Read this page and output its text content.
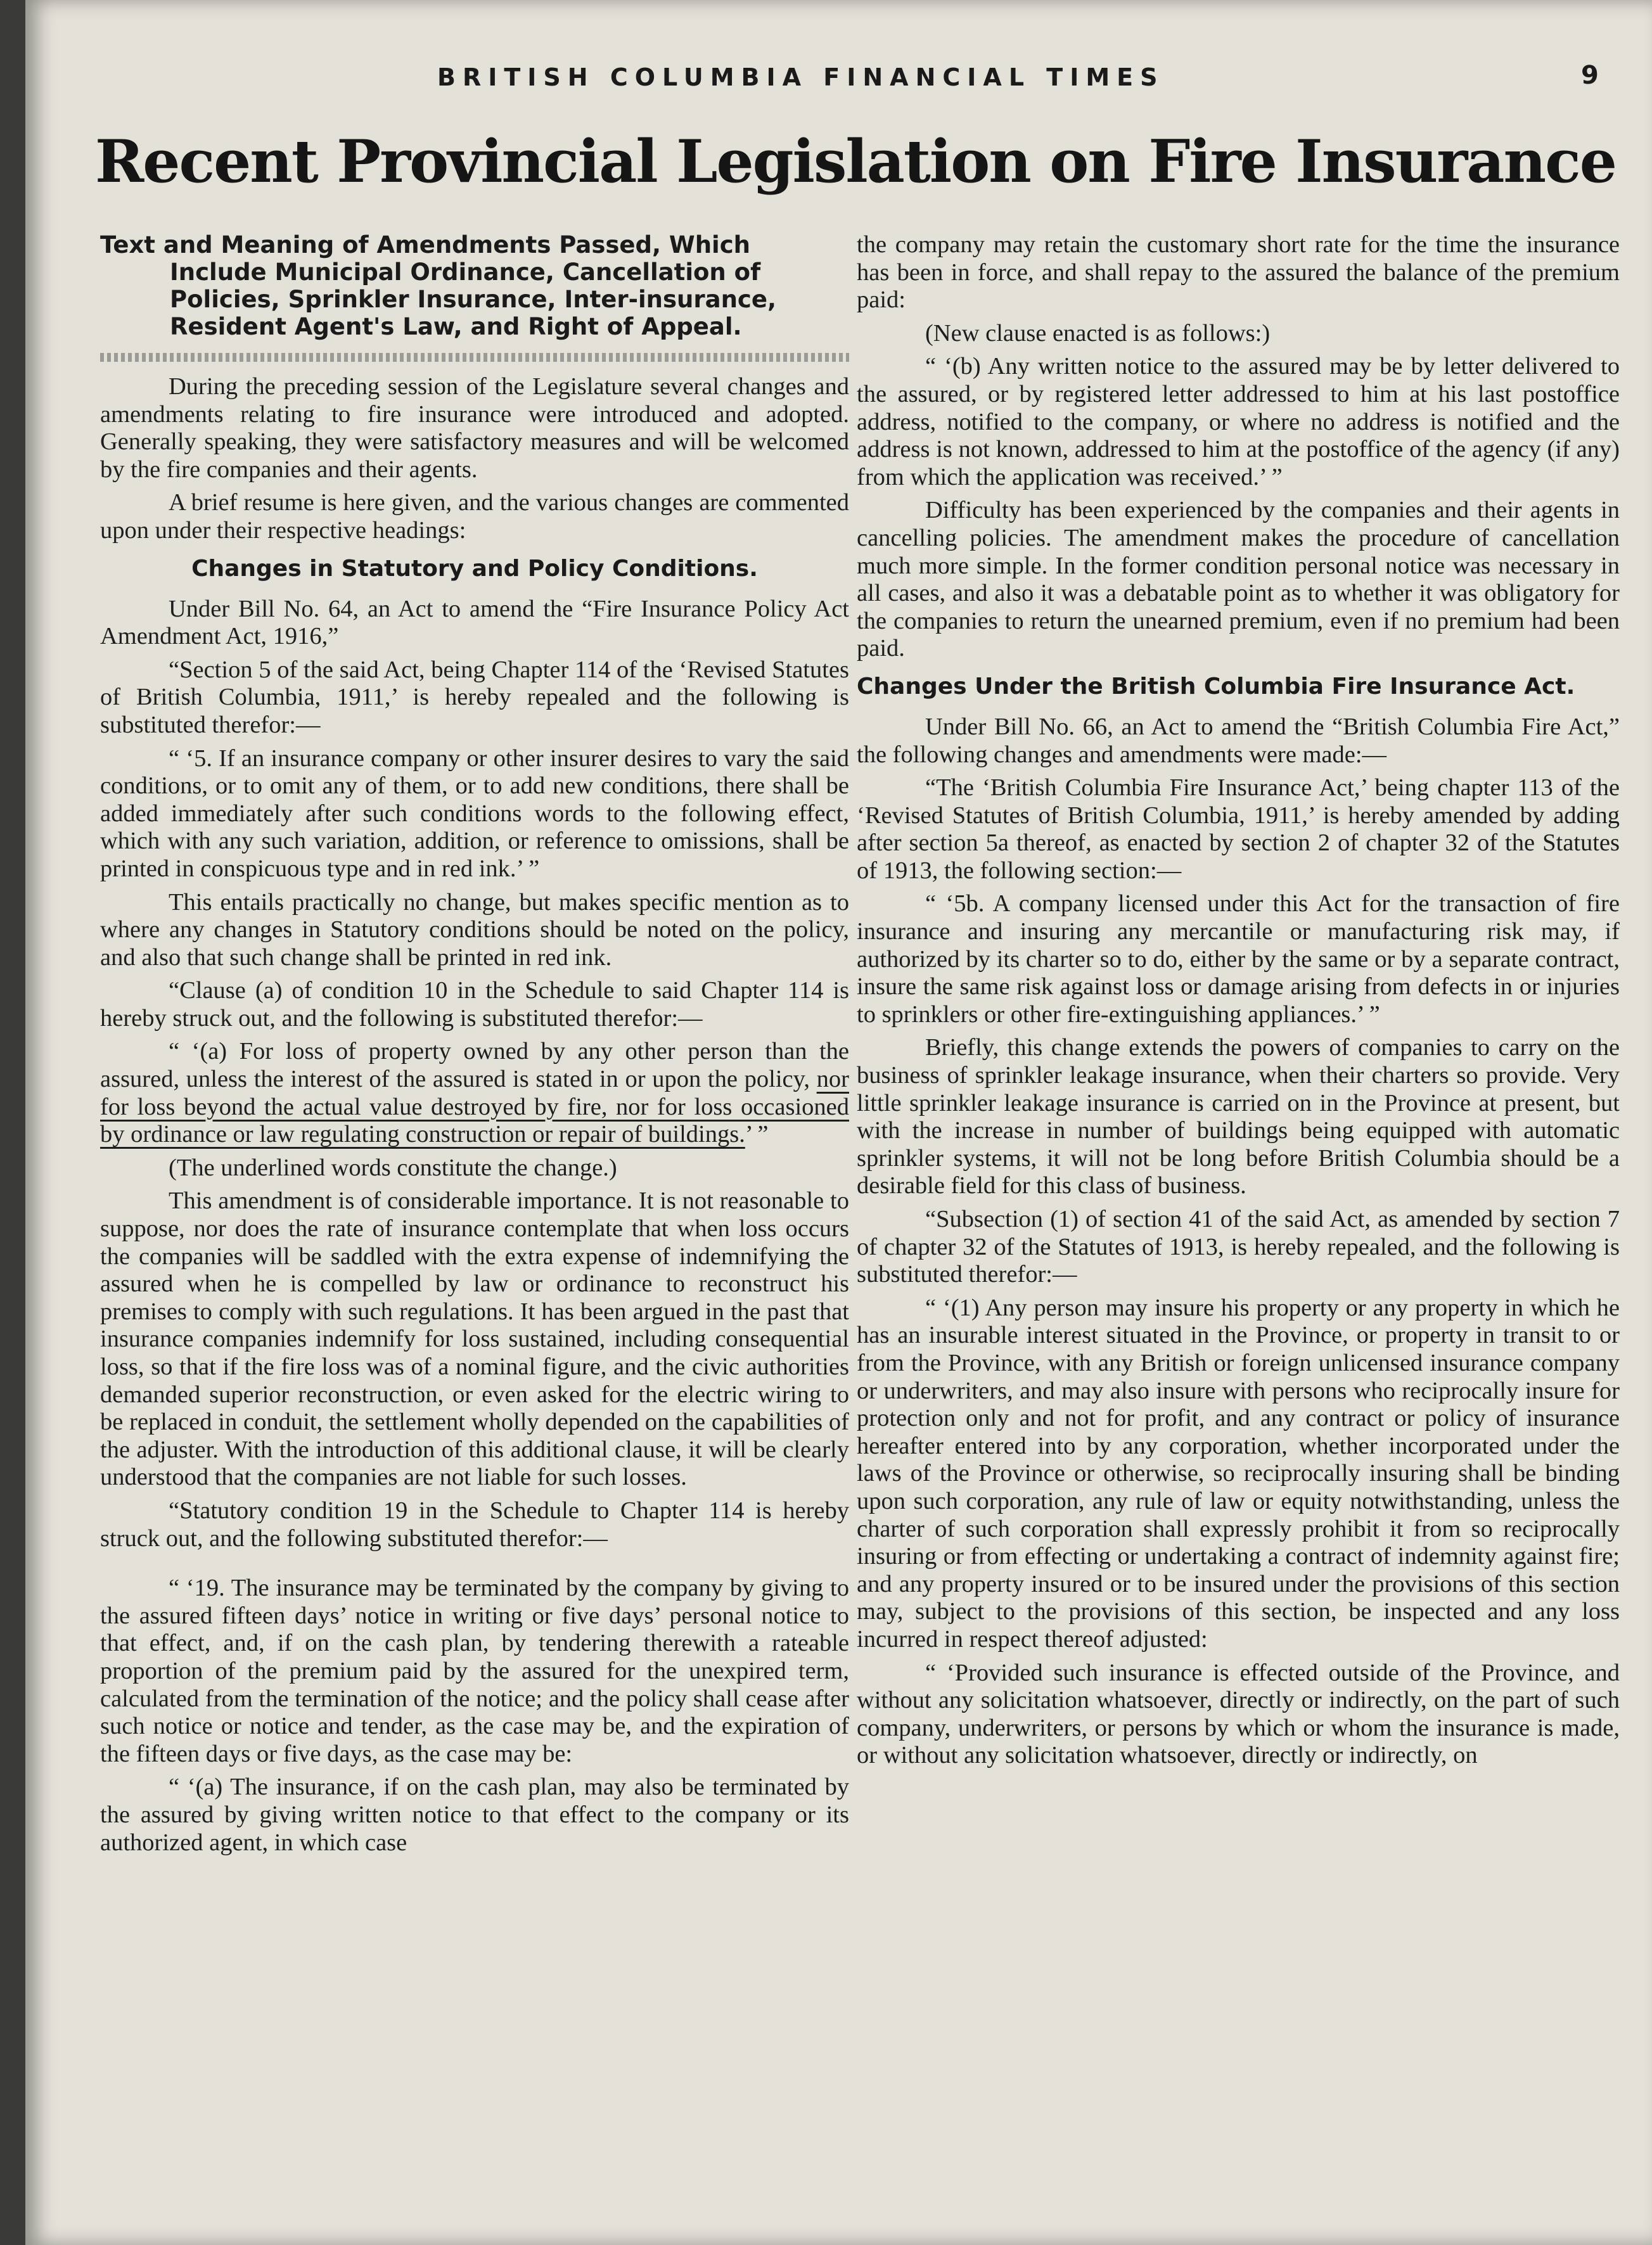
BRITISH COLUMBIA FINANCIAL TIMES	9
Recent Provincial Legislation on Fire Insurance
Text and Meaning of Amendments Passed, Which Include Municipal Ordinance, Cancellation of Policies, Sprinkler Insurance, Inter-insurance, Resident Agent's Law, and Right of Appeal.

During the preceding session of the Legislature several changes and amendments relating to fire insurance were introduced and adopted. Generally speaking, they were satisfactory measures and will be welcomed by the fire companies and their agents.

A brief resume is here given, and the various changes are commented upon under their respective headings:

Changes in Statutory and Policy Conditions.

Under Bill No. 64, an Act to amend the “Fire Insurance Policy Act Amendment Act, 1916,”

“Section 5 of the said Act, being Chapter 114 of the ‘Revised Statutes of British Columbia, 1911,’ is hereby repealed and the following is substituted therefor:—

“ ‘5. If an insurance company or other insurer desires to vary the said conditions, or to omit any of them, or to add new conditions, there shall be added immediately after such conditions words to the following effect, which with any such variation, addition, or reference to omissions, shall be printed in conspicuous type and in red ink.’ ”

This entails practically no change, but makes specific mention as to where any changes in Statutory conditions should be noted on the policy, and also that such change shall be printed in red ink.

“Clause (a) of condition 10 in the Schedule to said Chapter 114 is hereby struck out, and the following is substituted therefor:—

“ ‘(a) For loss of property owned by any other person than the assured, unless the interest of the assured is stated in or upon the policy, nor for loss beyond the actual value destroyed by fire, nor for loss occasioned by ordinance or law regulating construction or repair of buildings.’ ”

(The underlined words constitute the change.)

This amendment is of considerable importance. It is not reasonable to suppose, nor does the rate of insurance contemplate that when loss occurs the companies will be saddled with the extra expense of indemnifying the assured when he is compelled by law or ordinance to reconstruct his premises to comply with such regulations. It has been argued in the past that insurance companies indemnify for loss sustained, including consequential loss, so that if the fire loss was of a nominal figure, and the civic authorities demanded superior reconstruction, or even asked for the electric wiring to be replaced in conduit, the settlement wholly depended on the capabilities of the adjuster. With the introduction of this additional clause, it will be clearly understood that the companies are not liable for such losses.

“Statutory condition 19 in the Schedule to Chapter 114 is hereby struck out, and the following substituted therefor:—

“ ‘19. The insurance may be terminated by the company by giving to the assured fifteen days’ notice in writing or five days’ personal notice to that effect, and, if on the cash plan, by tendering therewith a rateable proportion of the premium paid by the assured for the unexpired term, calculated from the termination of the notice; and the policy shall cease after such notice or notice and tender, as the case may be, and the expiration of the fifteen days or five days, as the case may be:

“ ‘(a) The insurance, if on the cash plan, may also be terminated by the assured by giving written notice to that effect to the company or its authorized agent, in which case

the company may retain the customary short rate for the time the insurance has been in force, and shall repay to the assured the balance of the premium paid:

(New clause enacted is as follows:)

“ ‘(b) Any written notice to the assured may be by letter delivered to the assured, or by registered letter addressed to him at his last postoffice address, notified to the company, or where no address is notified and the address is not known, addressed to him at the postoffice of the agency (if any) from which the application was received.’ ”

Difficulty has been experienced by the companies and their agents in cancelling policies. The amendment makes the procedure of cancellation much more simple. In the former condition personal notice was necessary in all cases, and also it was a debatable point as to whether it was obligatory for the companies to return the unearned premium, even if no premium had been paid.

Changes Under the British Columbia Fire Insurance Act.

Under Bill No. 66, an Act to amend the “British Columbia Fire Act,” the following changes and amendments were made:—

“The ‘British Columbia Fire Insurance Act,’ being chapter 113 of the ‘Revised Statutes of British Columbia, 1911,’ is hereby amended by adding after section 5a thereof, as enacted by section 2 of chapter 32 of the Statutes of 1913, the following section:—

“ ‘5b. A company licensed under this Act for the transaction of fire insurance and insuring any mercantile or manufacturing risk may, if authorized by its charter so to do, either by the same or by a separate contract, insure the same risk against loss or damage arising from defects in or injuries to sprinklers or other fire-extinguishing appliances.’ ”

Briefly, this change extends the powers of companies to carry on the business of sprinkler leakage insurance, when their charters so provide. Very little sprinkler leakage insurance is carried on in the Province at present, but with the increase in number of buildings being equipped with automatic sprinkler systems, it will not be long before British Columbia should be a desirable field for this class of business.

“Subsection (1) of section 41 of the said Act, as amended by section 7 of chapter 32 of the Statutes of 1913, is hereby repealed, and the following is substituted therefor:—

“ ‘(1) Any person may insure his property or any property in which he has an insurable interest situated in the Province, or property in transit to or from the Province, with any British or foreign unlicensed insurance company or underwriters, and may also insure with persons who reciprocally insure for protection only and not for profit, and any contract or policy of insurance hereafter entered into by any corporation, whether incorporated under the laws of the Province or otherwise, so reciprocally insuring shall be binding upon such corporation, any rule of law or equity notwithstanding, unless the charter of such corporation shall expressly prohibit it from so reciprocally insuring or from effecting or undertaking a contract of indemnity against fire; and any property insured or to be insured under the provisions of this section may, subject to the provisions of this section, be inspected and any loss incurred in respect thereof adjusted:

“ ‘Provided such insurance is effected outside of the Province, and without any solicitation whatsoever, directly or indirectly, on the part of such company, underwriters, or persons by which or whom the insurance is made, or without any solicitation whatsoever, directly or indirectly, on
